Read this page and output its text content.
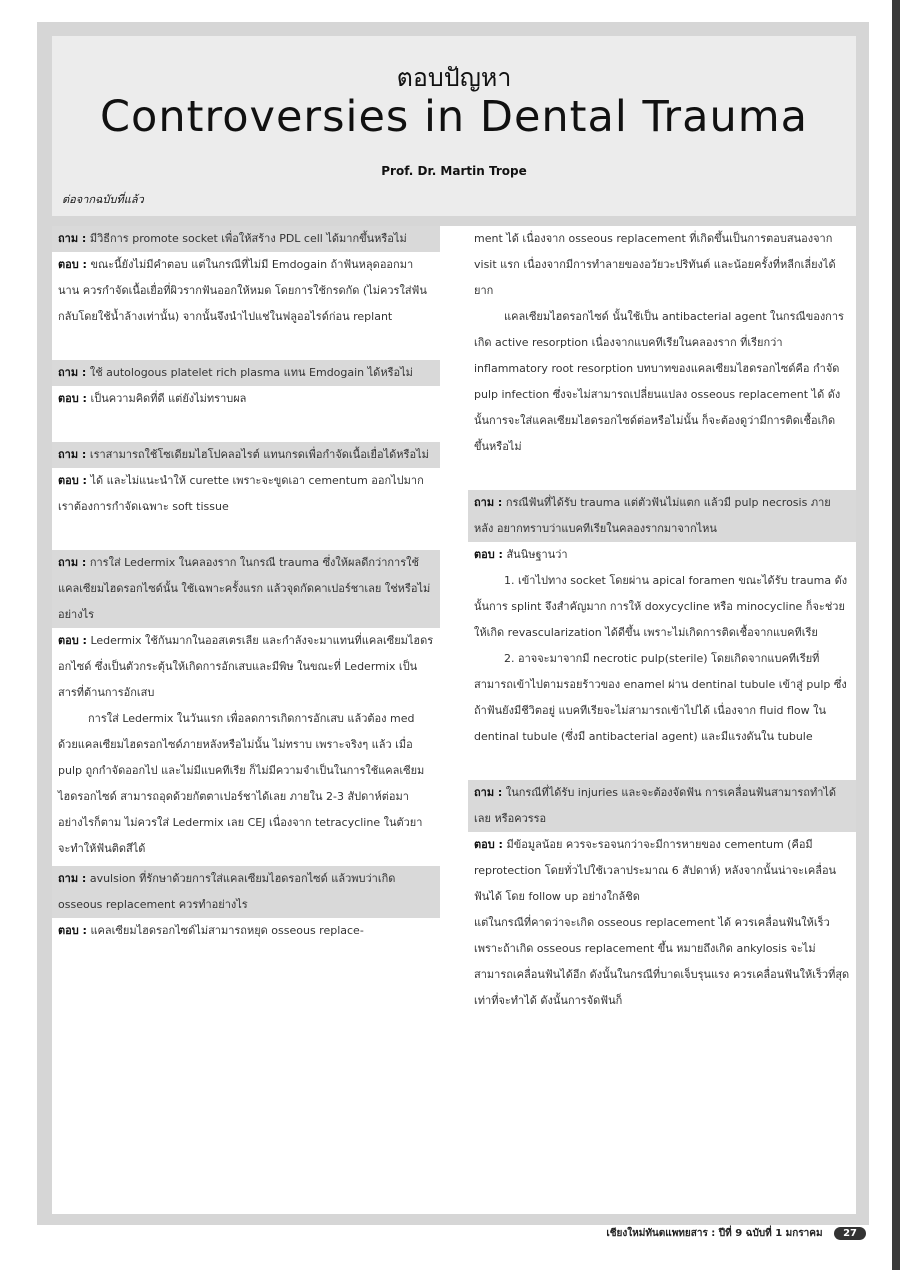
ตอบปัญหา
Controversies in Dental Trauma
Prof. Dr. Martin Trope
ต่อจากฉบับที่แล้ว

ถาม : มีวิธีการ promote socket เพื่อให้สร้าง PDL cell ได้มากขึ้นหรือไม่

ตอบ : ขณะนี้ยังไม่มีคำตอบ แต่ในกรณีที่ไม่มี Emdogain ถ้าฟันหลุดออกมานาน ควรกำจัดเนื้อเยื่อที่ผิวรากฟันออกให้หมด โดยการใช้กรดกัด (ไม่ควรใส่ฟันกลับโดยใช้น้ำล้างเท่านั้น) จากนั้นจึงนำไปแช่ในฟลูออไรด์ก่อน replant

ถาม : ใช้ autologous platelet rich plasma แทน Emdogain ได้หรือไม่

ตอบ : เป็นความคิดที่ดี แต่ยังไม่ทราบผล

ถาม : เราสามารถใช้โซเดียมไฮโปคลอไรต์ แทนกรดเพื่อกำจัดเนื้อเยื่อได้หรือไม่

ตอบ : ได้ และไม่แนะนำให้ curette เพราะจะขูดเอา cementum ออกไปมาก เราต้องการกำจัดเฉพาะ soft tissue

ถาม : การใส่ Ledermix ในคลองราก ในกรณี trauma ซึ่งให้ผลดีกว่าการใช้ แคลเซียมไฮดรอกไซด์นั้น ใช้เฉพาะครั้งแรก แล้วจุดกัดคาเปอร์ชาเลย ใช่หรือไม่ อย่างไร

ตอบ : Ledermix ใช้กันมากในออสเตรเลีย และกำลังจะมาแทนที่แคลเซียมไฮดรอกไซด์ ซึ่งเป็นตัวกระตุ้นให้เกิดการอักเสบและมีพิษ ในขณะที่ Ledermix เป็นสารที่ต้านการอักเสบ

การใส่ Ledermix ในวันแรก เพื่อลดการเกิดการอักเสบ แล้วต้อง med ด้วยแคลเซียมไฮดรอกไซด์ภายหลังหรือไม่นั้น ไม่ทราบ เพราะจริงๆ แล้ว เมื่อ pulp ถูกกำจัดออกไป และไม่มีแบคทีเรีย ก็ไม่มีความจำเป็นในการใช้แคลเซียมไฮดรอกไซด์ สามารถอุดด้วยกัตตาเปอร์ชาได้เลย ภายใน 2-3 สัปดาห์ต่อมา อย่างไรก็ตาม ไม่ควรใส่ Ledermix เลย CEJ เนื่องจาก tetracycline ในตัวยาจะทำให้ฟันติดสีได้

ถาม : avulsion ที่รักษาด้วยการใส่แคลเซียมไฮดรอกไซด์ แล้วพบว่าเกิด osseous replacement ควรทำอย่างไร

ตอบ : แคลเซียมไฮดรอกไซด์ไม่สามารถหยุด osseous replace-

ment ได้ เนื่องจาก osseous replacement ที่เกิดขึ้นเป็นการตอบสนองจาก visit แรก เนื่องจากมีการทำลายของอวัยวะปริทันต์ และน้อยครั้งที่หลีกเลี่ยงได้ยาก

แคลเซียมไฮดรอกไซด์ นั้นใช้เป็น antibacterial agent ในกรณีของการเกิด active resorption เนื่องจากแบคทีเรียในคลองราก ที่เรียกว่า inflammatory root resorption บทบาทของแคลเซียมไฮดรอกไซด์คือ กำจัด pulp infection ซึ่งจะไม่สามารถเปลี่ยนแปลง osseous replacement ได้ ดังนั้นการจะใส่แคลเซียมไฮดรอกไซด์ต่อหรือไม่นั้น ก็จะต้องดูว่ามีการติดเชื้อเกิดขึ้นหรือไม่

ถาม : กรณีฟันที่ได้รับ trauma แต่ตัวฟันไม่แตก แล้วมี pulp necrosis ภายหลัง อยากทราบว่าแบคทีเรียในคลองรากมาจากไหน

ตอบ : สันนิษฐานว่า

1. เข้าไปทาง socket โดยผ่าน apical foramen ขณะได้รับ trauma ดังนั้นการ splint จึงสำคัญมาก การให้ doxycycline หรือ minocycline ก็จะช่วยให้เกิด revascularization ได้ดีขึ้น เพราะไม่เกิดการติดเชื้อจากแบคทีเรีย

2. อาจจะมาจากมี necrotic pulp(sterile) โดยเกิดจากแบคทีเรียที่สามารถเข้าไปตามรอยร้าวของ enamel ผ่าน dentinal tubule เข้าสู่ pulp ซึ่งถ้าฟันยังมีชีวิตอยู่ แบคทีเรียจะไม่สามารถเข้าไปได้ เนื่องจาก fluid flow ใน dentinal tubule (ซึ่งมี antibacterial agent) และมีแรงดันใน tubule

ถาม : ในกรณีที่ได้รับ injuries และจะต้องจัดฟัน การเคลื่อนฟันสามารถทำได้เลย หรือควรรอ

ตอบ : มีข้อมูลน้อย ควรจะรอจนกว่าจะมีการหายของ cementum (คือมี reprotection โดยทั่วไปใช้เวลาประมาณ 6 สัปดาห์) หลังจากนั้นน่าจะเคลื่อนฟันได้ โดย follow up อย่างใกล้ชิด

แต่ในกรณีที่คาดว่าจะเกิด osseous replacement ได้ ควรเคลื่อนฟันให้เร็ว เพราะถ้าเกิด osseous replacement ขึ้น หมายถึงเกิด ankylosis จะไม่สามารถเคลื่อนฟันได้อีก ดังนั้นในกรณีที่บาดเจ็บรุนแรง ควรเคลื่อนฟันให้เร็วที่สุดเท่าที่จะทำได้ ดังนั้นการจัดฟันก็

เชียงใหม่ทันตแพทยสาร : ปีที่ 9 ฉบับที่ 1 มกราคม 27
